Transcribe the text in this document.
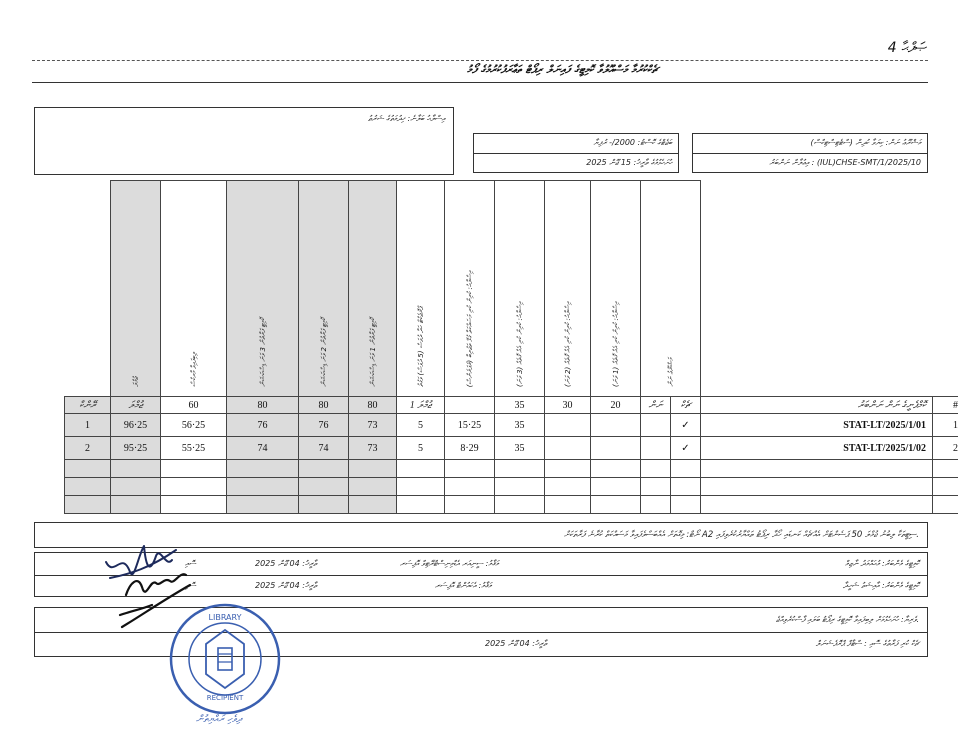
ޞަފްޙާ 4
ޗެކްކުރުމާ މަސްއޫލުވާ ކޮމިޓީގެ ފައިނަލް ރިޕޯޓް ތަޢާރަފުކުރުމުގެ ފޯމު
އިސްލާޙު ބަލާނެ: ޚިދުމަތުގެ ޝަރުޠު
ބަޖެޓްގެ ކޮސްޓު: 2000/- ރުފިޔާ
ހުށަހެޅުމުގެ ތާރީޚު: 15 ޖޫން 2025
މަޝްރޫޢު ނަން: ކިޔަވާ ކުދިން (ސްޓެޓިސްޓިކްސް)
އިޢުލާން ނަންބަރު : (IUL)CHSE-SMT/1/2025/10
	ޖުމްލަ	ލިބިފައިވާ މާރކްސް	ކޮމިޓީ ފަރާތުން 3 ވަނަ ޑިސްކަޝަން	ކޮމިޓީ ފަރާތުން 2 ވަނަ ޑިސްކަޝަން	ކޮމިޓީ ފަރާތުން 1 ވަނަ ޑިސްކަޝަން	ޕްރޮޖެކްޓް ހަދާ ދުވަސް (5 ދުވަސް) ވަގުތު	އިސްލާޙު: ކުރިން ކުރި މަސައްކަތާ ގުޅޭ ތަޖުރިބާ (ރެފަރެންސް)	އިސްލާޙު: ކުރިން ކުރި އެއް ގޮތެއް (3 ވަނަ)	އިސްލާޙު: ކުރިން ކުރި އެއް ގޮތެއް (2 ވަނަ)	އިސްލާޙު: ކުރިން ކުރި އެއް ގޮތެއް (1 ވަނަ)	މަޝްރޫޢު ނަން			
ރޭންކް	ޖުމްލަ	60	80	80	80	ޖުމްލަ 1		35	30	20	ނަން	ޗެކް	ކޮމްޕެނީގެ ނަން ނަންބަރު	#
1	96·25	56·25	76	76	73	5	15·25	35				✓	STAT-LT/2025/1/01	1
2	95·25	55·25	74	74	73	5	8·29	35				✓	STAT-LT/2025/1/02	2

ނޯޓް: މިގޮތަށް އެއްބަސްވެފައިވާ މަސައްކަތް ކުރާނެ ފަރާތަކަށް A2 ސިޓީތަކާ ލިބުނު ޖުމްލަ 50 ޕަސެންޓަށް އެއްޗެއް ކަނޑައި ހޯދާ ރިޕޯޓު ތައްޔާރުކުރެވިފައި.
ކޮމިޓީގެ މެންބަރު: މުޙައްމަދު ނާޒިމް
މަޤާމު: ސީނިއަރ އެޑްމިނިސްޓްރޭޓިވް އޮފިސަރ
ތާރީޚު: 04 ޖޫން 2025
ސޮއި
ކޮމިޓީގެ މެންބަރު: އާއިޝަތު ޝަހީދާ
މަޤާމު: އެކައުންޓް އޮފިސަރ
ތާރީޚު: 04 ޖޫން 2025
ސޮއި
ވެރިޔާ: ހުށަހެޅުމަށް ލިބިފައިވާ ކޮމިޓީގެ ރިޕޯޓު ބަލައި ފާސްކުރެވިއްޖެ.
ޗެކް ކުރި ފަރާތުގެ ސޮއި : ސްޓާފް ޕްރޮފެޝަނަލް
ތާރީޚު: 04 ޖޫން 2025
LIBRARY
RECIPIENT
ދިވެހި ރައްޔިތުން
